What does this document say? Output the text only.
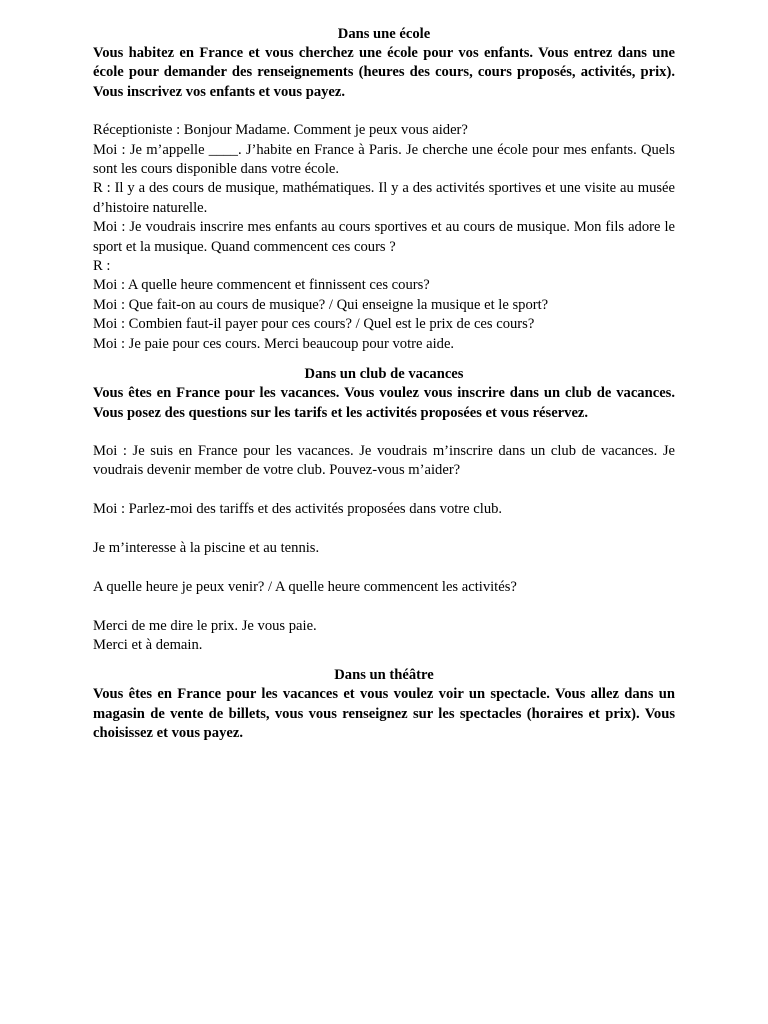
Dans une école
Vous habitez en France et vous cherchez une école pour vos enfants. Vous entrez dans une école pour demander des renseignements (heures des cours, cours proposés, activités, prix). Vous inscrivez vos enfants et vous payez.
Réceptioniste : Bonjour Madame. Comment je peux vous aider?
Moi : Je m’appelle ____. J’habite en France à Paris. Je cherche une école pour mes enfants. Quels sont les cours disponible dans votre école.
R : Il y a des cours de musique, mathématiques. Il y a des activités sportives et une visite au musée d’histoire naturelle.
Moi : Je voudrais inscrire mes enfants au cours sportives et au cours de musique. Mon fils adore le sport et la musique. Quand commencent ces cours ?
R :
Moi : A quelle heure commencent et finnissent ces cours?
Moi : Que fait-on au cours de musique? / Qui enseigne la musique et le sport?
Moi : Combien faut-il payer pour ces cours? / Quel est le prix de ces cours?
Moi : Je paie pour ces cours. Merci beaucoup pour votre aide.
Dans un club de vacances
Vous êtes en France pour les vacances. Vous voulez vous inscrire dans un club de vacances. Vous posez des questions sur les tarifs et les activités proposées et vous réservez.
Moi : Je suis en France pour les vacances. Je voudrais m’inscrire dans un club de vacances. Je voudrais devenir member de votre club. Pouvez-vous m’aider?
Moi : Parlez-moi des tariffs et des activités proposées dans votre club.
Je m’interesse à la piscine et au tennis.
A quelle heure je peux venir? / A quelle heure commencent les activités?
Merci de me dire le prix. Je vous paie.
Merci et à demain.
Dans un théâtre
Vous êtes en France pour les vacances et vous voulez voir un spectacle. Vous allez dans un magasin de vente de billets, vous vous renseignez sur les spectacles (horaires et prix). Vous choisissez et vous payez.
